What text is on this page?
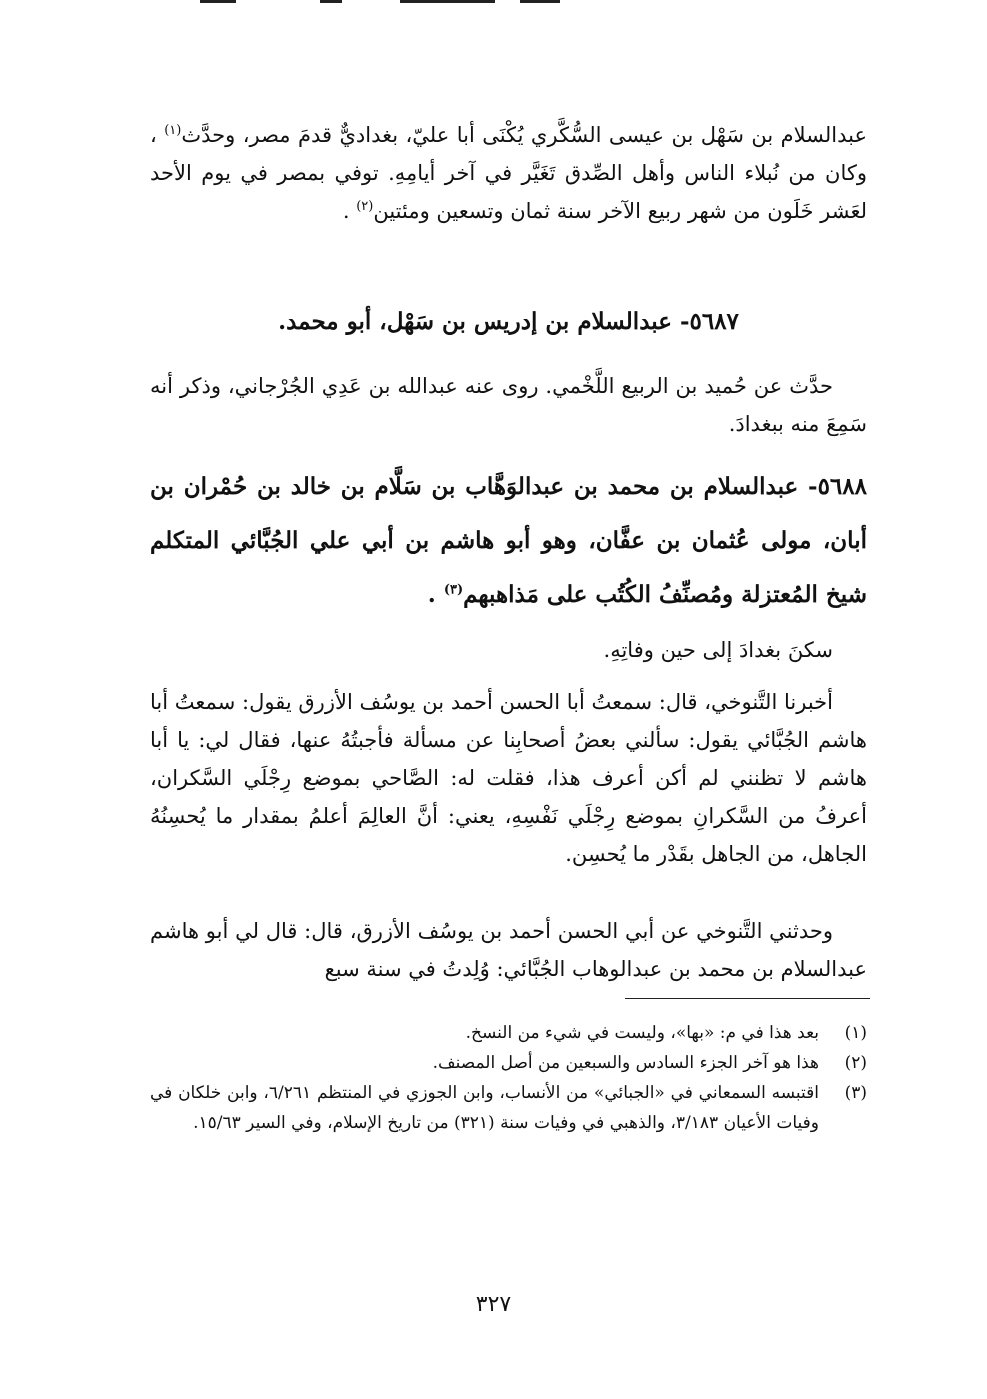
عبدالسلام بن سَهْل بن عيسى السُّكَّري يُكْنَى أبا عليّ، بغداديٌّ قدمَ مصر، وحدَّث$^{(١)}$ ، وكان من نُبلاء الناس وأهل الصِّدق تَغَيَّر في آخر أيامِهِ. توفي بمصر في يوم الأحد لعَشر خَلَون من شهر ربيع الآخر سنة ثمان وتسعين ومئتين$^{(٢)}$ .
٥٦٨٧- عبدالسلام بن إدريس بن سَهْل، أبو محمد.
حدَّث عن حُميد بن الربيع اللَّخْمي. روى عنه عبدالله بن عَدِي الجُرْجاني، وذكر أنه سَمِعَ منه ببغدادَ.
٥٦٨٨- عبدالسلام بن محمد بن عبدالوَهَّاب بن سَلَّام بن خالد بن حُمْران بن أبان، مولى عُثمان بن عفَّان، وهو أبو هاشم بن أبي علي الجُبَّائي المتكلم شيخ المُعتزلة ومُصنِّفُ الكُتُب على مَذاهبهم$^{(٣)}$ .
سكنَ بغدادَ إلى حين وفاتِهِ.
أخبرنا التَّنوخي، قال: سمعتُ أبا الحسن أحمد بن يوسُف الأزرق يقول: سمعتُ أبا هاشم الجُبَّائي يقول: سألني بعضُ أصحابِنا عن مسألة فأجبتُهُ عنها، فقال لي: يا أبا هاشم لا تظنني لم أكن أعرف هذا، فقلت له: الصَّاحي بموضع رِجْلَي السَّكران، أعرفُ من السَّكرانِ بموضع رِجْلَي نَفْسِهِ، يعني: أنَّ العالِمَ أعلمُ بمقدار ما يُحسِنُهُ الجاهل، من الجاهل بقَدْر ما يُحسِن.
وحدثني التَّنوخي عن أبي الحسن أحمد بن يوسُف الأزرق، قال: قال لي أبو هاشم عبدالسلام بن محمد بن عبدالوهاب الجُبَّائي: وُلِدتُ في سنة سبع
(١)
بعد هذا في م: «بها»، وليست في شيء من النسخ.
(٢)
هذا هو آخر الجزء السادس والسبعين من أصل المصنف.
(٣)
اقتبسه السمعاني في «الجبائي» من الأنساب، وابن الجوزي في المنتظم ٦/٢٦١، وابن خلكان في وفيات الأعيان ٣/١٨٣، والذهبي في وفيات سنة (٣٢١) من تاريخ الإسلام، وفي السير ١٥/٦٣.
٣٢٧
